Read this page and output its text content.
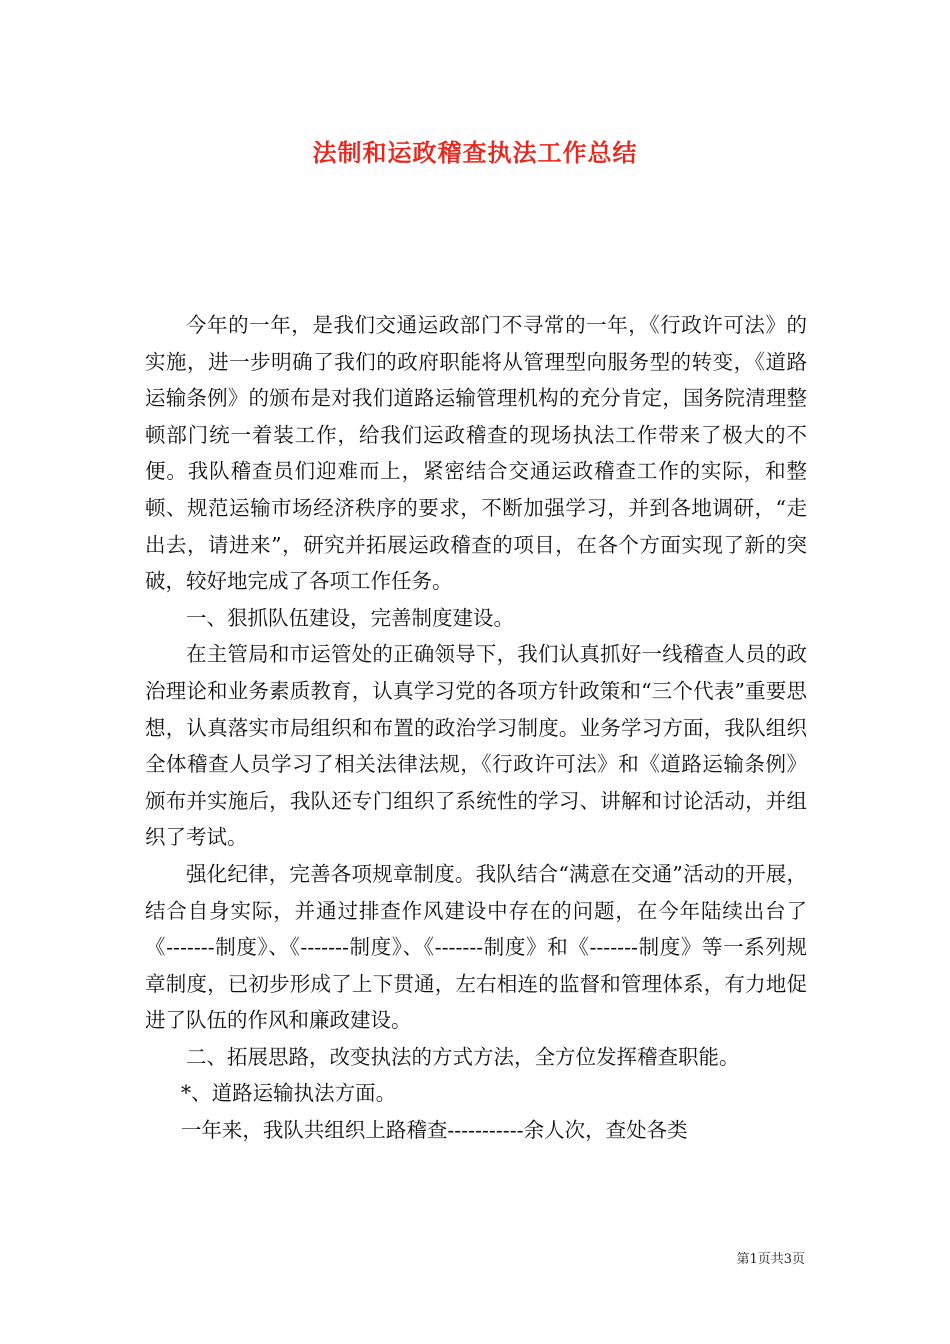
法制和运政稽查执法工作总结

今年的一年，是我们交通运政部门不寻常的一年，《行政许可法》的实施，进一步明确了我们的政府职能将从管理型向服务型的转变，《道路运输条例》的颁布是对我们道路运输管理机构的充分肯定，国务院清理整顿部门统一着装工作，给我们运政稽查的现场执法工作带来了极大的不便。我队稽查员们迎难而上，紧密结合交通运政稽查工作的实际，和整顿、规范运输市场经济秩序的要求，不断加强学习，并到各地调研，“走出去，请进来”，研究并拓展运政稽查的项目，在各个方面实现了新的突破，较好地完成了各项工作任务。

一、狠抓队伍建设，完善制度建设。

在主管局和市运管处的正确领导下，我们认真抓好一线稽查人员的政治理论和业务素质教育，认真学习党的各项方针政策和“三个代表”重要思想，认真落实市局组织和布置的政治学习制度。业务学习方面，我队组织全体稽查人员学习了相关法律法规，《行政许可法》和《道路运输条例》颁布并实施后，我队还专门组织了系统性的学习、讲解和讨论活动，并组织了考试。

强化纪律，完善各项规章制度。我队结合“满意在交通”活动的开展，结合自身实际，并通过排查作风建设中存在的问题，在今年陆续出台了《-------制度》、《-------制度》、《-------制度》和《-------制度》等一系列规章制度，已初步形成了上下贯通，左右相连的监督和管理体系，有力地促进了队伍的作风和廉政建设。

二、拓展思路，改变执法的方式方法，全方位发挥稽查职能。

*、道路运输执法方面。

一年来，我队共组织上路稽查-----------余人次，查处各类

第1页共3页
